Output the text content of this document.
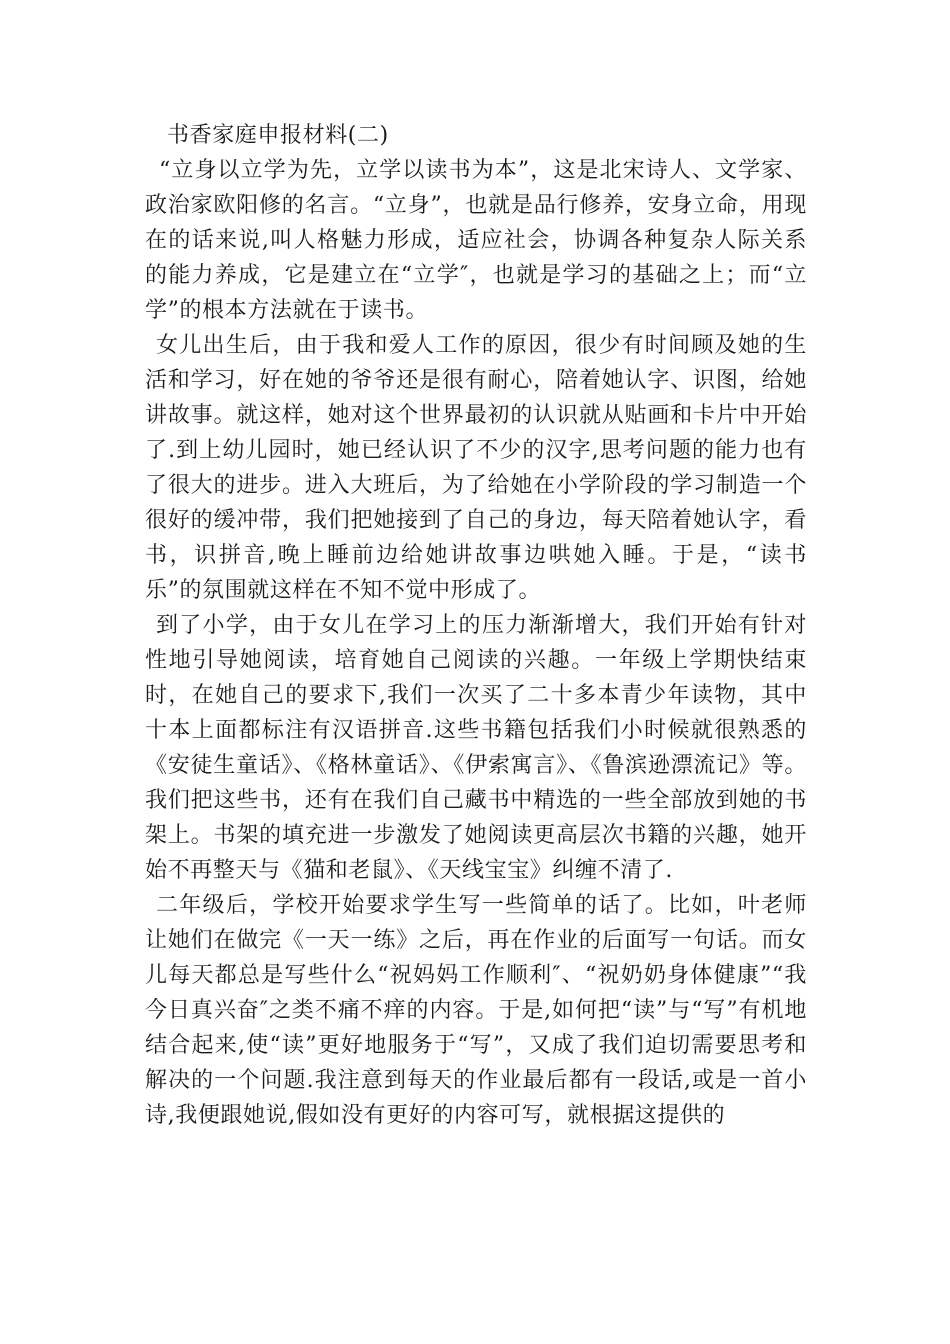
书香家庭申报材料(二)

“立身以立学为先，立学以读书为本”，这是北宋诗人、文学家、政治家欧阳修的名言。“立身”，也就是品行修养，安身立命，用现在的话来说,叫人格魅力形成，适应社会，协调各种复杂人际关系的能力养成，它是建立在“立学″，也就是学习的基础之上；而“立学”的根本方法就在于读书。

女儿出生后，由于我和爱人工作的原因，很少有时间顾及她的生活和学习，好在她的爷爷还是很有耐心，陪着她认字、识图，给她讲故事。就这样，她对这个世界最初的认识就从贴画和卡片中开始了.到上幼儿园时，她已经认识了不少的汉字,思考问题的能力也有了很大的进步。进入大班后，为了给她在小学阶段的学习制造一个很好的缓冲带，我们把她接到了自己的身边，每天陪着她认字，看书，识拼音,晚上睡前边给她讲故事边哄她入睡。于是，“读书乐”的氛围就这样在不知不觉中形成了。

到了小学，由于女儿在学习上的压力渐渐增大，我们开始有针对性地引导她阅读，培育她自己阅读的兴趣。一年级上学期快结束时，在她自己的要求下,我们一次买了二十多本青少年读物，其中十本上面都标注有汉语拼音.这些书籍包括我们小时候就很熟悉的《安徒生童话》、《格林童话》、《伊索寓言》、《鲁滨逊漂流记》等。我们把这些书，还有在我们自己藏书中精选的一些全部放到她的书架上。书架的填充进一步激发了她阅读更高层次书籍的兴趣，她开始不再整天与《猫和老鼠》、《天线宝宝》纠缠不清了.

二年级后，学校开始要求学生写一些简单的话了。比如，叶老师让她们在做完《一天一练》之后，再在作业的后面写一句话。而女儿每天都总是写些什么“祝妈妈工作顺利″、“祝奶奶身体健康”“我今日真兴奋″之类不痛不痒的内容。于是,如何把“读”与“写”有机地结合起来,使“读”更好地服务于“写”，又成了我们迫切需要思考和解决的一个问题.我注意到每天的作业最后都有一段话,或是一首小诗,我便跟她说,假如没有更好的内容可写，就根据这提供的
